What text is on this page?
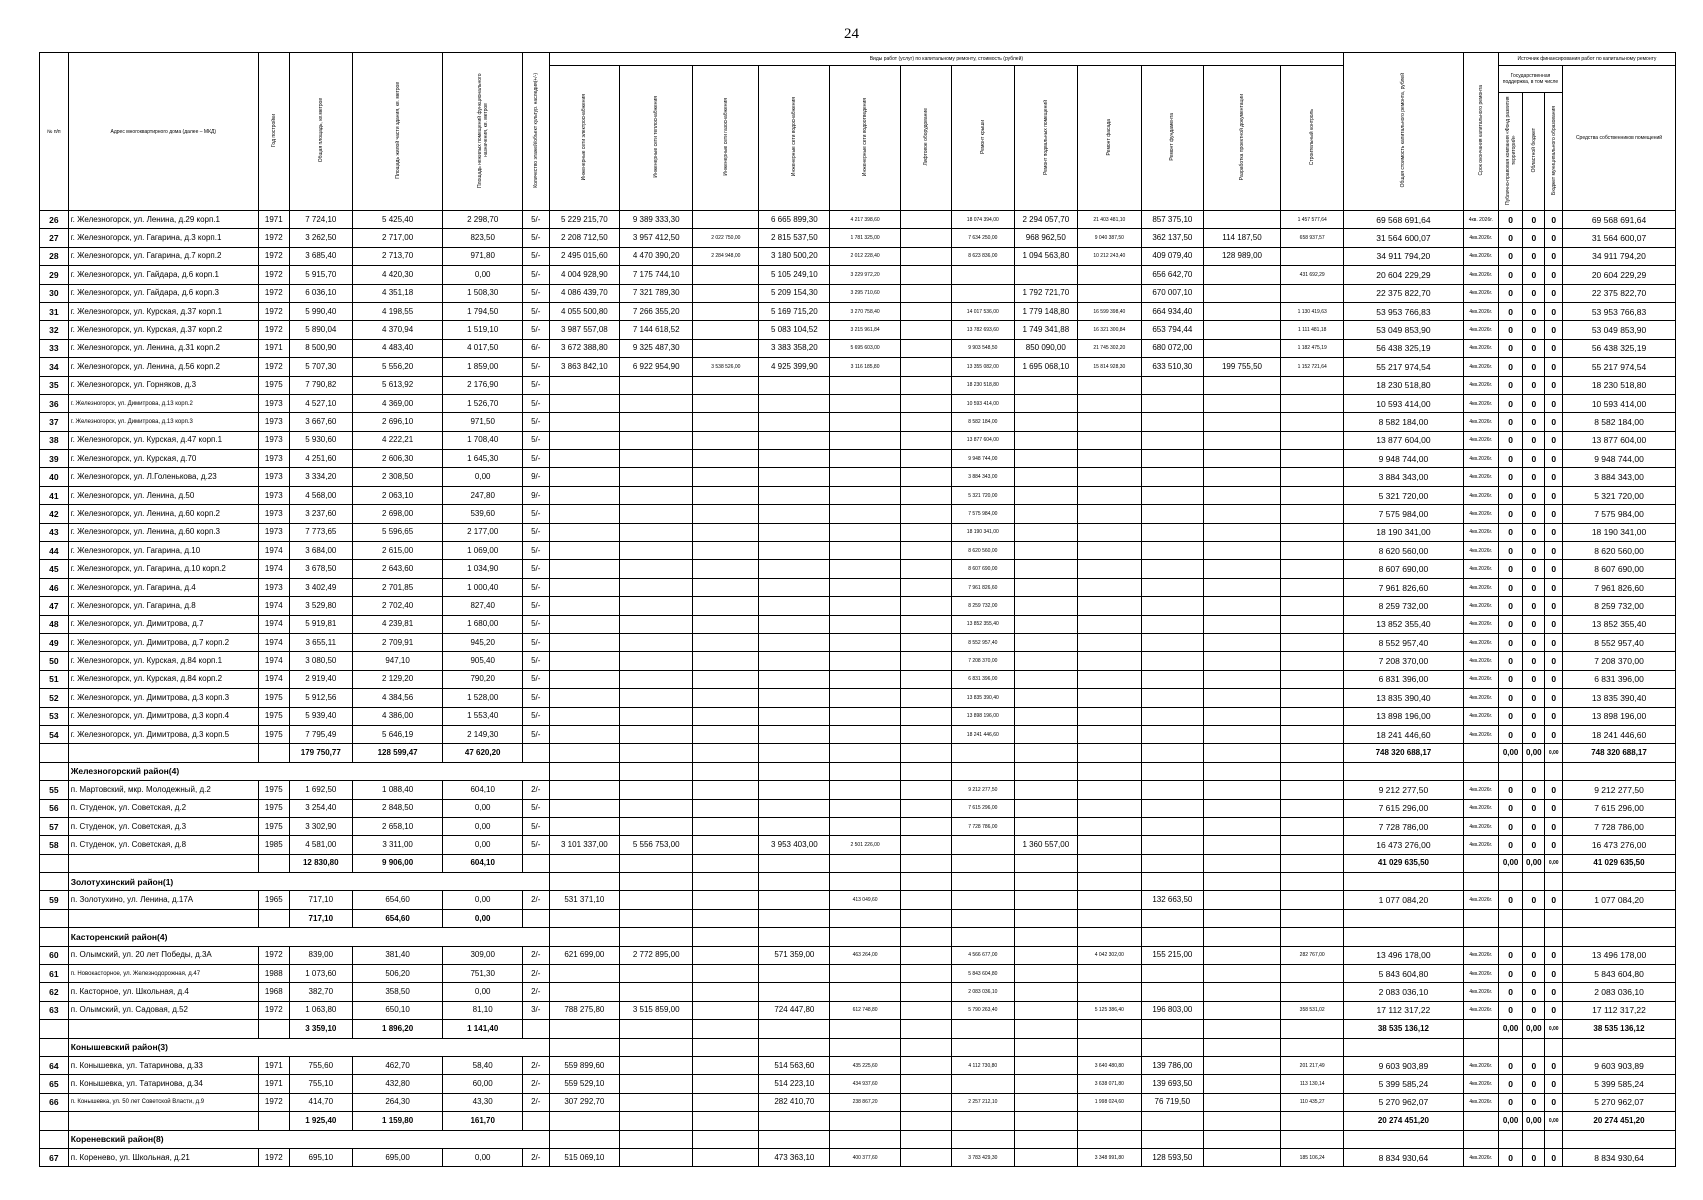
24
№ п/п	Адрес многоквартирного дома (далее – МКД)	Год постройки	Общая площадь, кв.метров	Площадь жилой части здания, кв. метров	Площадь нежилых помещений функционального назначения, кв. метров	Количество этажей/объект культур. наследия(+/-)	Виды работ (услуг) по капитальному ремонту, стоимость (рублей)												Общая стоимость капитального ремонта, рублей	Срок окончания капитального ремонта	Источник финансирования работ по капитальному ремонту			
							Инженерные сети электроснабжения	Инженерные сети теплоснабжения	Инженерные сети газоснабжения	Инженерные сети водоснабжения	Инженерные сети водоотведения	Лифтовое оборудование	Ремонт крыши	Ремонт подвальных помещений	Ремонт фасада	Ремонт фундамента	Разработка проектной документации	Строительный контроль			Государственная поддержка, в том числе			Средства собственников помещений
																					Публично-правовая компания «Фонд развития территорий»	Областной бюджет	Бюджет муниципального образования	
26	г. Железногорск, ул. Ленина, д.29 корп.1	1971	7 724,10	5 425,40	2 298,70	5/-	5 229 215,70	9 389 333,30		6 665 899,30	4 217 398,60		18 074 394,00	2 294 057,70	21 403 481,10	857 375,10		1 457 577,64	69 568 691,64	4кв. 2026г.	0	0	0	69 568 691,64
27	г. Железногорск, ул. Гагарина, д.3 корп.1	1972	3 262,50	2 717,00	823,50	5/-	2 208 712,50	3 957 412,50	2 022 750,00	2 815 537,50	1 781 325,00		7 634 250,00	968 962,50	9 040 387,50	362 137,50	114 187,50	658 937,57	31 564 600,07	4кв.2026г.	0	0	0	31 564 600,07
28	г. Железногорск, ул. Гагарина, д.7 корп.2	1972	3 685,40	2 713,70	971,80	5/-	2 495 015,60	4 470 390,20	2 284 948,00	3 180 500,20	2 012 228,40		8 623 836,00	1 094 563,80	10 212 243,40	409 079,40	128 989,00		34 911 794,20	4кв.2026г.	0	0	0	34 911 794,20
29	г. Железногорск, ул. Гайдара, д.6 корп.1	1972	5 915,70	4 420,30	0,00	5/-	4 004 928,90	7 175 744,10		5 105 249,10	3 229 972,20					656 642,70		431 692,29	20 604 229,29	4кв.2026г.	0	0	0	20 604 229,29
30	г. Железногорск, ул. Гайдара, д.6 корп.3	1972	6 036,10	4 351,18	1 508,30	5/-	4 086 439,70	7 321 789,30		5 209 154,30	3 295 710,60			1 792 721,70		670 007,10			22 375 822,70	4кв.2026г.	0	0	0	22 375 822,70
31	г. Железногорск, ул. Курская, д.37 корп.1	1972	5 990,40	4 198,55	1 794,50	5/-	4 055 500,80	7 266 355,20		5 169 715,20	3 270 758,40		14 017 536,00	1 779 148,80	16 599 398,40	664 934,40		1 130 419,63	53 953 766,83	4кв.2026г.	0	0	0	53 953 766,83
32	г. Железногорск, ул. Курская, д.37 корп.2	1972	5 890,04	4 370,94	1 519,10	5/-	3 987 557,08	7 144 618,52		5 083 104,52	3 215 961,84		13 782 693,60	1 749 341,88	16 321 300,84	653 794,44		1 111 481,18	53 049 853,90	4кв.2026г.	0	0	0	53 049 853,90
33	г. Железногорск, ул. Ленина, д.31 корп.2	1971	8 500,90	4 483,40	4 017,50	6/-	3 672 388,80	9 325 487,30		3 383 358,20	5 695 603,00		9 903 548,50	850 090,00	21 745 302,20	680 072,00		1 182 475,19	56 438 325,19	4кв.2026г.	0	0	0	56 438 325,19
34	г. Железногорск, ул. Ленина, д.56 корп.2	1972	5 707,30	5 556,20	1 859,00	5/-	3 863 842,10	6 922 954,90	3 538 526,00	4 925 399,90	3 116 185,80		13 355 082,00	1 695 068,10	15 814 928,30	633 510,30	199 755,50	1 152 721,64	55 217 974,54	4кв.2026г.	0	0	0	55 217 974,54
35	г. Железногорск, ул. Горняков, д.3	1975	7 790,82	5 613,92	2 176,90	5/-							18 230 518,80						18 230 518,80	4кв.2026г.	0	0	0	18 230 518,80
36	г. Железногорск, ул. Димитрова, д.13 корп.2	1973	4 527,10	4 369,00	1 526,70	5/-							10 593 414,00						10 593 414,00	4кв.2026г.	0	0	0	10 593 414,00
37	г. Железногорск, ул. Димитрова, д.13 корп.3	1973	3 667,60	2 696,10	971,50	5/-							8 582 184,00						8 582 184,00	4кв.2026г.	0	0	0	8 582 184,00
38	г. Железногорск, ул. Курская, д.47 корп.1	1973	5 930,60	4 222,21	1 708,40	5/-							13 877 604,00						13 877 604,00	4кв.2026г.	0	0	0	13 877 604,00
39	г. Железногорск, ул. Курская, д.70	1973	4 251,60	2 606,30	1 645,30	5/-							9 948 744,00						9 948 744,00	4кв.2026г.	0	0	0	9 948 744,00
40	г. Железногорск, ул. Л.Голенькова, д.23	1973	3 334,20	2 308,50	0,00	9/-							3 884 343,00						3 884 343,00	4кв.2026г.	0	0	0	3 884 343,00
41	г. Железногорск, ул. Ленина, д.50	1973	4 568,00	2 063,10	247,80	9/-							5 321 720,00						5 321 720,00	4кв.2026г.	0	0	0	5 321 720,00
42	г. Железногорск, ул. Ленина, д.60 корп.2	1973	3 237,60	2 698,00	539,60	5/-							7 575 984,00						7 575 984,00	4кв.2026г.	0	0	0	7 575 984,00
43	г. Железногорск, ул. Ленина, д.60 корп.3	1973	7 773,65	5 596,65	2 177,00	5/-							18 190 341,00						18 190 341,00	4кв.2026г.	0	0	0	18 190 341,00
44	г. Железногорск, ул. Гагарина, д.10	1974	3 684,00	2 615,00	1 069,00	5/-							8 620 560,00						8 620 560,00	4кв.2026г.	0	0	0	8 620 560,00
45	г. Железногорск, ул. Гагарина, д.10 корп.2	1974	3 678,50	2 643,60	1 034,90	5/-							8 607 690,00						8 607 690,00	4кв.2026г.	0	0	0	8 607 690,00
46	г. Железногорск, ул. Гагарина, д.4	1973	3 402,49	2 701,85	1 000,40	5/-							7 961 826,60						7 961 826,60	4кв.2026г.	0	0	0	7 961 826,60
47	г. Железногорск, ул. Гагарина, д.8	1974	3 529,80	2 702,40	827,40	5/-							8 259 732,00						8 259 732,00	4кв.2026г.	0	0	0	8 259 732,00
48	г. Железногорск, ул. Димитрова, д.7	1974	5 919,81	4 239,81	1 680,00	5/-							13 852 355,40						13 852 355,40	4кв.2026г.	0	0	0	13 852 355,40
49	г. Железногорск, ул. Димитрова, д.7 корп.2	1974	3 655,11	2 709,91	945,20	5/-							8 552 957,40						8 552 957,40	4кв.2026г.	0	0	0	8 552 957,40
50	г. Железногорск, ул. Курская, д.84 корп.1	1974	3 080,50	947,10	905,40	5/-							7 208 370,00						7 208 370,00	4кв.2026г.	0	0	0	7 208 370,00
51	г. Железногорск, ул. Курская, д.84 корп.2	1974	2 919,40	2 129,20	790,20	5/-							6 831 396,00						6 831 396,00	4кв.2026г.	0	0	0	6 831 396,00
52	г. Железногорск, ул. Димитрова, д.3 корп.3	1975	5 912,56	4 384,56	1 528,00	5/-							13 835 390,40						13 835 390,40	4кв.2026г.	0	0	0	13 835 390,40
53	г. Железногорск, ул. Димитрова, д.3 корп.4	1975	5 939,40	4 386,00	1 553,40	5/-							13 898 196,00						13 898 196,00	4кв.2026г.	0	0	0	13 898 196,00
54	г. Железногорск, ул. Димитрова, д.3 корп.5	1975	7 795,49	5 646,19	2 149,30	5/-							18 241 446,60						18 241 446,60	4кв.2026г.	0	0	0	18 241 446,60
			179 750,77	128 599,47	47 620,20														748 320 688,17		0,00	0,00	0,00	748 320 688,17
	Железногорский район(4)																							
55	п. Мартовский, мкр. Молодежный, д.2	1975	1 692,50	1 088,40	604,10	2/-							9 212 277,50						9 212 277,50	4кв.2026г.	0	0	0	9 212 277,50
56	п. Студенок, ул. Советская, д.2	1975	3 254,40	2 848,50	0,00	5/-							7 615 296,00						7 615 296,00	4кв.2026г.	0	0	0	7 615 296,00
57	п. Студенок, ул. Советская, д.3	1975	3 302,90	2 658,10	0,00	5/-							7 728 786,00						7 728 786,00	4кв.2026г.	0	0	0	7 728 786,00
58	п. Студенок, ул. Советская, д.8	1985	4 581,00	3 311,00	0,00	5/-	3 101 337,00	5 556 753,00		3 953 403,00	2 501 226,00			1 360 557,00					16 473 276,00	4кв.2026г.	0	0	0	16 473 276,00
			12 830,80	9 906,00	604,10														41 029 635,50		0,00	0,00	0,00	41 029 635,50
	Золотухинский район(1)																							
59	п. Золотухино, ул. Ленина, д.17А	1965	717,10	654,60	0,00	2/-	531 371,10				413 049,60					132 663,50			1 077 084,20	4кв.2026г.	0	0	0	1 077 084,20
			717,10	654,60	0,00																			
	Касторенский район(4)																							
60	п. Олымский, ул. 20 лет Победы, д.3А	1972	839,00	381,40	309,00	2/-	621 699,00	2 772 895,00		571 359,00	463 264,00		4 566 677,00		4 042 302,00	155 215,00		282 767,00	13 496 178,00	4кв.2026г.	0	0	0	13 496 178,00
61	п. Новокасторное, ул. Железнодорожная, д.47	1988	1 073,60	506,20	751,30	2/-							5 843 604,80						5 843 604,80	4кв.2026г.	0	0	0	5 843 604,80
62	п. Касторное, ул. Школьная, д.4	1968	382,70	358,50	0,00	2/-							2 083 036,10						2 083 036,10	4кв.2026г.	0	0	0	2 083 036,10
63	п. Олымский, ул. Садовая, д.52	1972	1 063,80	650,10	81,10	3/-	788 275,80	3 515 859,00		724 447,80	612 748,80		5 790 263,40		5 125 386,40	196 803,00		358 531,02	17 112 317,22	4кв.2026г.	0	0	0	17 112 317,22
			3 359,10	1 896,20	1 141,40														38 535 136,12		0,00	0,00	0,00	38 535 136,12
	Конышевский район(3)																							
64	п. Конышевка, ул. Татаринова, д.33	1971	755,60	462,70	58,40	2/-	559 899,60			514 563,60	435 225,60		4 112 730,80		3 640 480,80	139 786,00		201 217,49	9 603 903,89	4кв.2026г.	0	0	0	9 603 903,89
65	п. Конышевка, ул. Татаринова, д.34	1971	755,10	432,80	60,00	2/-	559 529,10			514 223,10	434 937,60				3 638 071,80	139 693,50		113 130,14	5 399 585,24	4кв.2026г.	0	0	0	5 399 585,24
66	п. Конышевка, ул. 50 лет Советской Власти, д.9	1972	414,70	264,30	43,30	2/-	307 292,70			282 410,70	238 867,20		2 257 212,10		1 998 024,60	76 719,50		110 435,27	5 270 962,07	4кв.2026г.	0	0	0	5 270 962,07
			1 925,40	1 159,80	161,70														20 274 451,20		0,00	0,00	0,00	20 274 451,20
	Кореневский район(8)																							
67	п. Коренево, ул. Школьная, д.21	1972	695,10	695,00	0,00	2/-	515 069,10			473 363,10	400 377,60		3 783 429,30		3 348 991,80	128 593,50		185 106,24	8 834 930,64	4кв.2026г.	0	0	0	8 834 930,64
